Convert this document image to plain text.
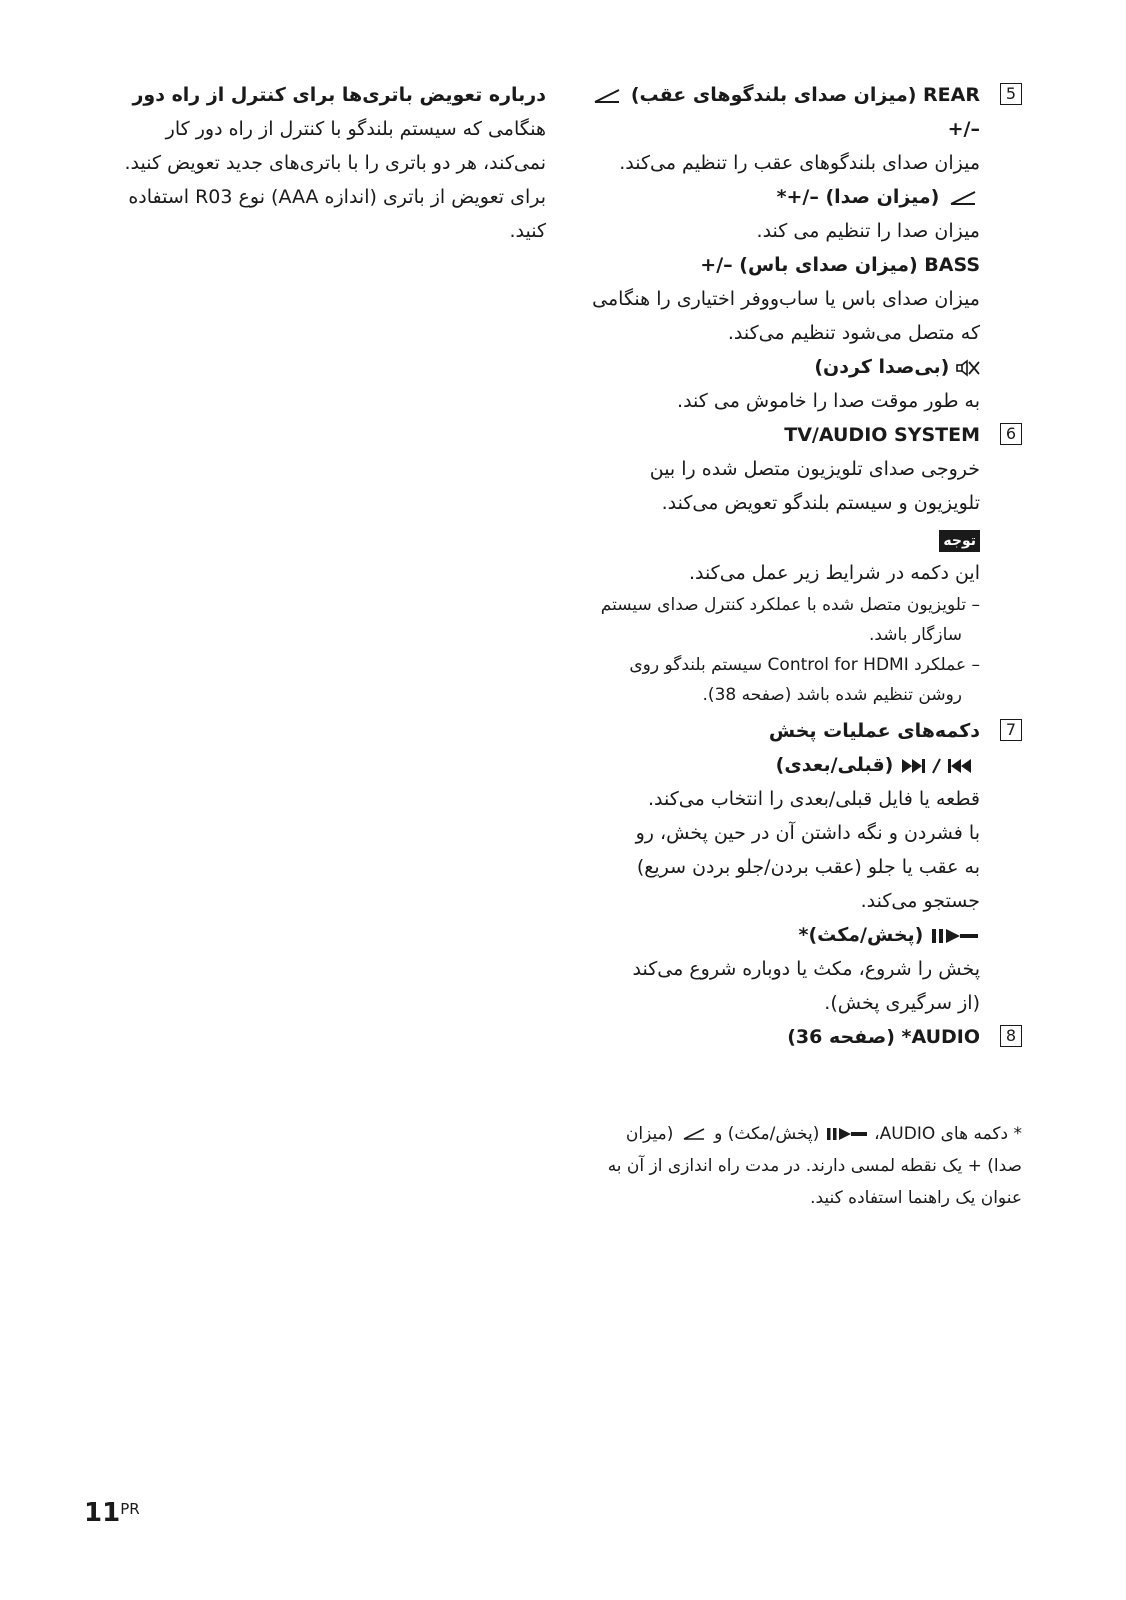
5

REAR (میزان صدای بلندگوهای عقب)

+/–

میزان صدای بلندگوهای عقب را تنظیم می‌کند.

(میزان صدا) –/+*

میزان صدا را تنظیم می کند.

BASS (میزان صدای باس) –/+

میزان صدای باس یا ساب‌ووفر اختیاری را هنگامی

که متصل می‌شود تنظیم می‌کند.

(بی‌صدا کردن)

به طور موقت صدا را خاموش می کند.

6

TV/AUDIO SYSTEM

خروجی صدای تلویزیون متصل شده را بین

تلویزیون و سیستم بلندگو تعویض می‌کند.

توجه

این دکمه در شرایط زیر عمل می‌کند.

– تلویزیون متصل شده با عملکرد کنترل صدای سیستم

سازگار باشد.

– عملکرد Control for HDMI سیستم بلندگو روی

روشن تنظیم شده باشد (صفحه 38).

7

دکمه‌های عملیات پخش

(قبلی/بعدی)

قطعه یا فایل قبلی/بعدی را انتخاب می‌کند.

با فشردن و نگه داشتن آن در حین پخش، رو

به عقب یا جلو (عقب بردن/جلو بردن سریع)

جستجو می‌کند.

(پخش/مکث)*

پخش را شروع، مکث یا دوباره شروع می‌کند

(از سرگیری پخش).

8

AUDIO* (صفحه 36)

درباره تعویض باتری‌ها برای کنترل از راه دور

هنگامی که سیستم بلندگو با کنترل از راه دور کار

نمی‌کند، هر دو باتری را با باتری‌های جدید تعویض کنید.

برای تعویض از باتری (اندازه AAA) نوع R03 استفاده

کنید.

* دکمه های AUDIO،  (پخش/مکث) و  (میزان

صدا) + یک نقطه لمسی دارند. در مدت راه اندازی از آن به

عنوان یک راهنما استفاده کنید.

11PR
